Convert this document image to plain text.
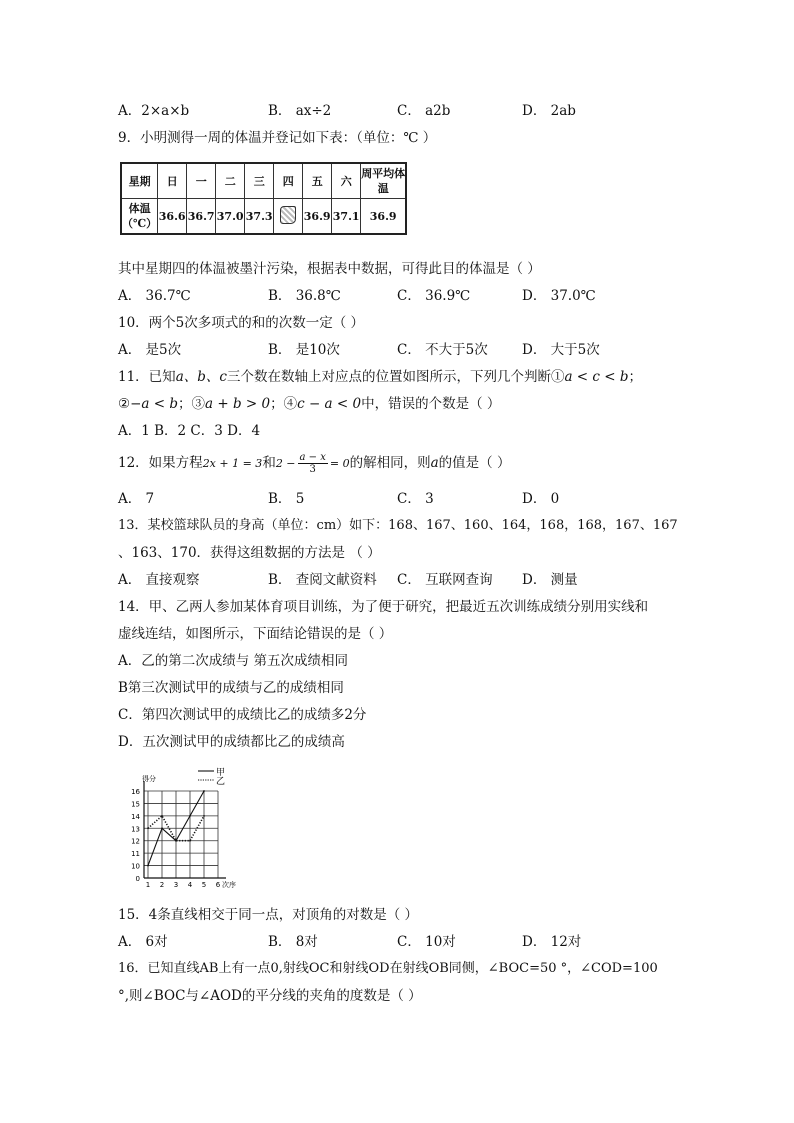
A．2×a×b	B． ax÷2	C． a2b	D． 2ab
9．小明测得一周的体温并登记如下表：（单位：℃ ）
星期	日	一	二	三	四	五	六	周平均体温
体温
（℃）	36.6	36.7	37.0	37.3		36.9	37.1	36.9
其中星期四的体温被墨汁污染，根据表中数据，可得此目的体温是（ ）
A． 36.7℃	B． 36.8℃	C． 36.9℃	D． 37.0℃
10．两个5次多项式的和的次数一定（ ）
A． 是5次	B． 是10次	C． 不大于5次	D． 大于5次
11．已知a、b、c三个数在数轴上对应点的位置如图所示，下列几个判断①a < c < b；
②−a < b；③a + b > 0；④c − a < 0中，错误的个数是（ ）
A．1 B．2 C．3 D．4
12．如果方程2x + 1 = 3和$2 - \frac{a - x}{3} = 0$的解相同，则a的值是（ ）
A． 7	B． 5	C． 3	D． 0
13．某校篮球队员的身高（单位：cm）如下：168、167、160、164，168，168，167、167
、163、170．获得这组数据的方法是 （ ）
A． 直接观察	B． 查阅文献资料 C． 互联网查询 D． 测量
14．甲、乙两人参加某体育项目训练，为了便于研究，把最近五次训练成绩分别用实线和
虚线连结，如图所示，下面结论错误的是（ ）
A．乙的第二次成绩与 第五次成绩相同
B第三次测试甲的成绩与乙的成绩相同
C．第四次测试甲的成绩比乙的成绩多2分
D．五次测试甲的成绩都比乙的成绩高
0
10
11
12
13
14
15
16
1 2 3 4 5 6
得分
次序
甲
乙
15．4条直线相交于同一点，对顶角的对数是（ ）
A． 6对	B． 8对	C． 10对	D． 12对
16．已知直线AB上有一点0,射线OC和射线OD在射线OB同侧，∠BOC=50 °，∠COD=100
°,则∠BOC与∠AOD的平分线的夹角的度数是（ ）
